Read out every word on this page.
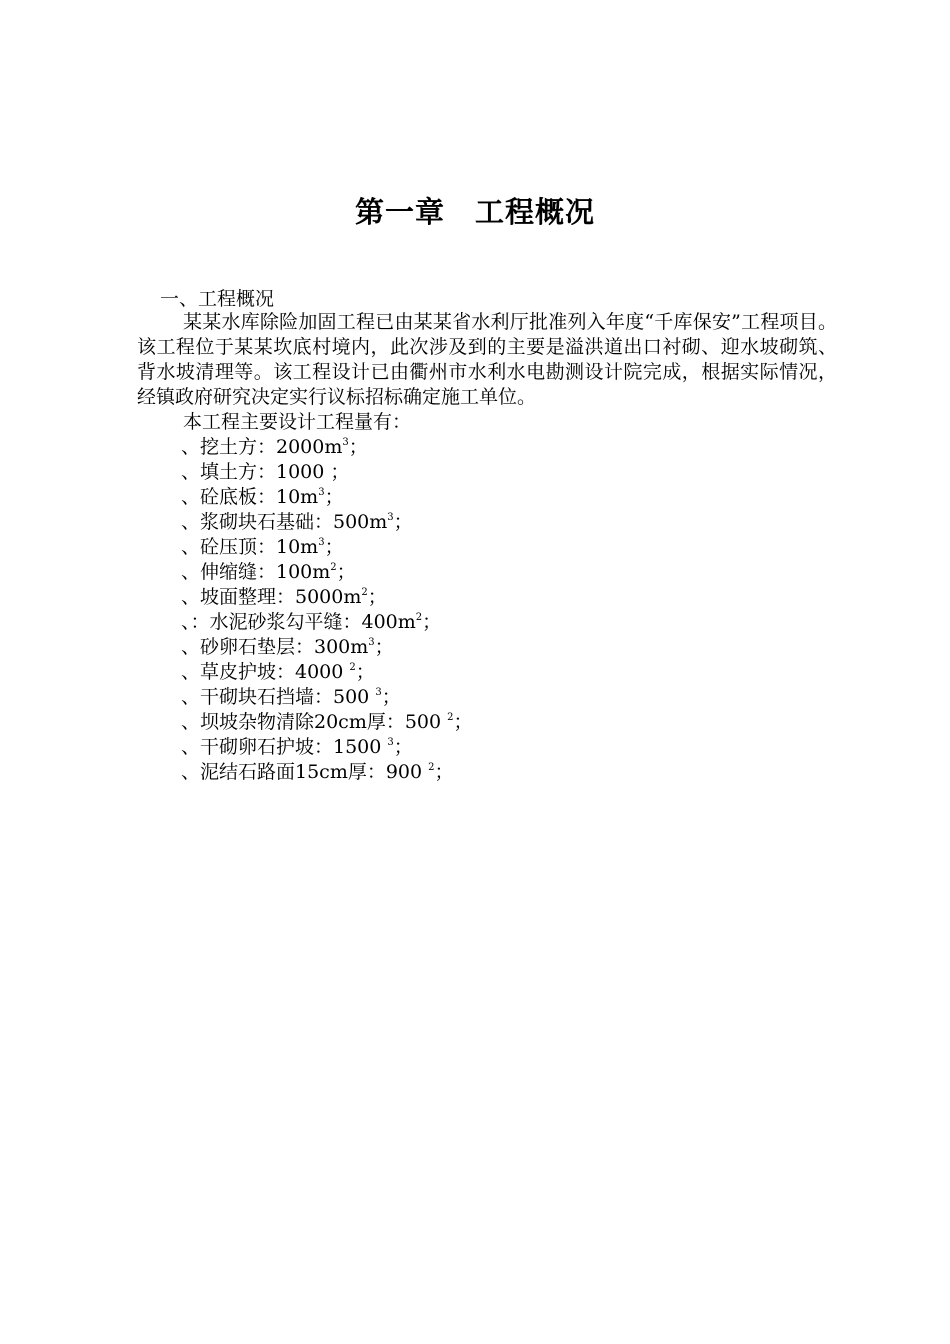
第一章　工程概况
一、工程概况

某某水库除险加固工程已由某某省水利厅批准列入年度“千库保安”工程项目。该工程位于某某坎底村境内，此次涉及到的主要是溢洪道出口衬砌、迎水坡砌筑、背水坡清理等。该工程设计已由衢州市水利水电勘测设计院完成，根据实际情况，经镇政府研究决定实行议标招标确定施工单位。

本工程主要设计工程量有：

、挖土方：$2000m^3$；
、填土方：1000 ；
、砼底板：$10m^3$；
、浆砌块石基础：$500m^3$；
、砼压顶：$10m^3$；
、伸缩缝：$100m^2$；
、坡面整理：$5000m^2$；
、：水泥砂浆勾平缝：$400m^2$；
、砂卵石垫层：$300m^3$；
、草皮护坡：4000 $^2$；
、干砌块石挡墙：500 $^3$；
、坝坡杂物清除20cm厚：500 $^2$；
、干砌卵石护坡：1500 $^3$；
、泥结石路面15cm厚：900 $^2$；
